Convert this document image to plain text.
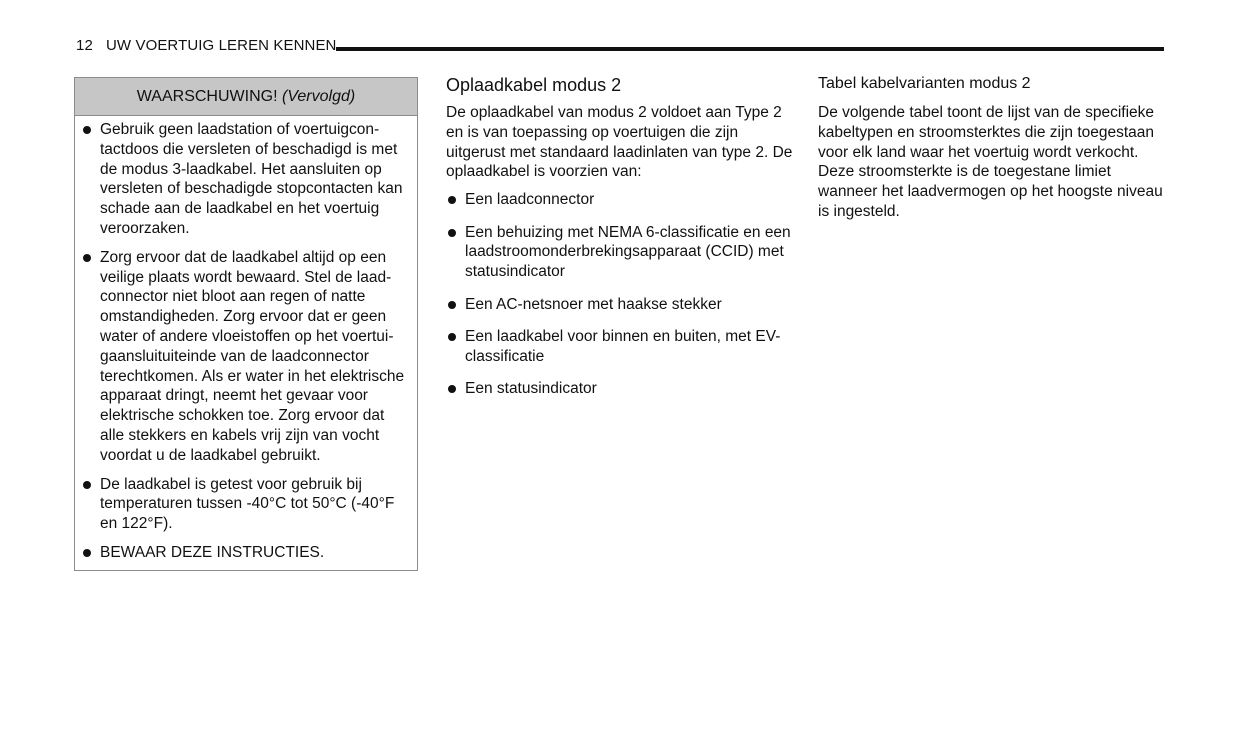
12 UW VOERTUIG LEREN KENNEN
WAARSCHUWING! (Vervolgd)
Gebruik geen laadstation of voertuigcontactdoos die versleten of beschadigd is met de modus 3-laadkabel. Het aansluiten op versleten of beschadigde stopcontacten kan schade aan de laadkabel en het voertuig veroorzaken.
Zorg ervoor dat de laadkabel altijd op een veilige plaats wordt bewaard. Stel de laadconnector niet bloot aan regen of natte omstandigheden. Zorg ervoor dat er geen water of andere vloeistoffen op het voertuigaansluituiteinde van de laadconnector terechtkomen. Als er water in het elektrische apparaat dringt, neemt het gevaar voor elektrische schokken toe. Zorg ervoor dat alle stekkers en kabels vrij zijn van vocht voordat u de laadkabel gebruikt.
De laadkabel is getest voor gebruik bij temperaturen tussen -40°C tot 50°C (-40°F en 122°F).
BEWAAR DEZE INSTRUCTIES.
Oplaadkabel modus 2

De oplaadkabel van modus 2 voldoet aan Type 2 en is van toepassing op voertuigen die zijn uitgerust met standaard laadinlaten van type 2. De oplaadkabel is voorzien van:

Een laadconnector
Een behuizing met NEMA 6-classificatie en een laadstroomonderbrekingsapparaat (CCID) met statusindicator
Een AC-netsnoer met haakse stekker
Een laadkabel voor binnen en buiten, met EV-classificatie
Een statusindicator
Tabel kabelvarianten modus 2

De volgende tabel toont de lijst van de specifieke kabeltypen en stroomsterktes die zijn toegestaan voor elk land waar het voertuig wordt verkocht. Deze stroomsterkte is de toegestane limiet wanneer het laadvermogen op het hoogste niveau is ingesteld.
